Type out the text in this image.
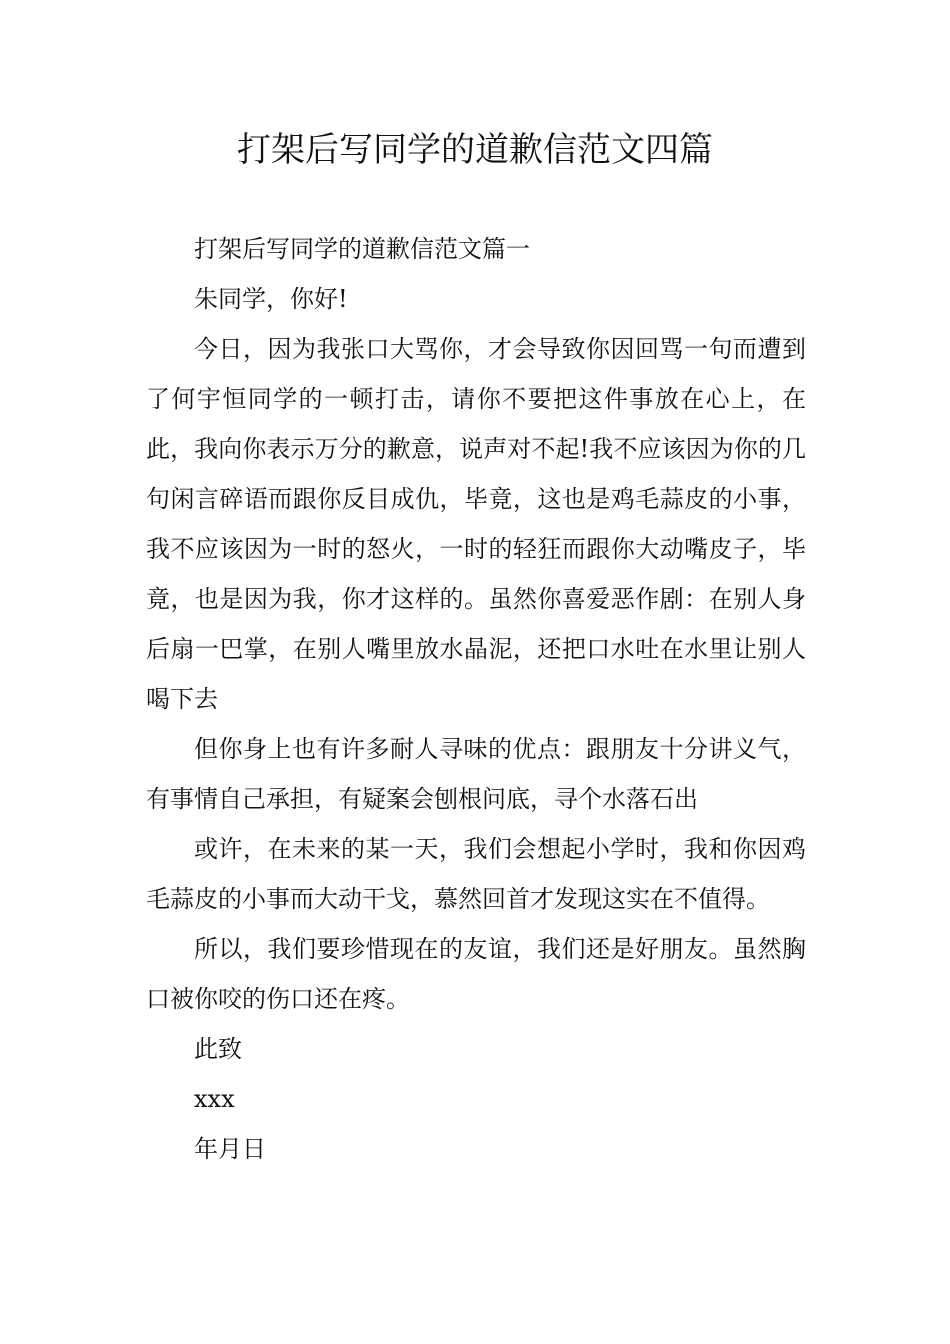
打架后写同学的道歉信范文四篇

打架后写同学的道歉信范文篇一

朱同学，你好!

今日，因为我张口大骂你，才会导致你因回骂一句而遭到了何宇恒同学的一顿打击，请你不要把这件事放在心上，在此，我向你表示万分的歉意，说声对不起!我不应该因为你的几句闲言碎语而跟你反目成仇，毕竟，这也是鸡毛蒜皮的小事，我不应该因为一时的怒火，一时的轻狂而跟你大动嘴皮子，毕竟，也是因为我，你才这样的。虽然你喜爱恶作剧：在别人身后扇一巴掌，在别人嘴里放水晶泥，还把口水吐在水里让别人喝下去

但你身上也有许多耐人寻味的优点：跟朋友十分讲义气，有事情自己承担，有疑案会刨根问底，寻个水落石出

或许，在未来的某一天，我们会想起小学时，我和你因鸡毛蒜皮的小事而大动干戈，慕然回首才发现这实在不值得。

所以，我们要珍惜现在的友谊，我们还是好朋友。虽然胸口被你咬的伤口还在疼。

此致

xxx

年月日
